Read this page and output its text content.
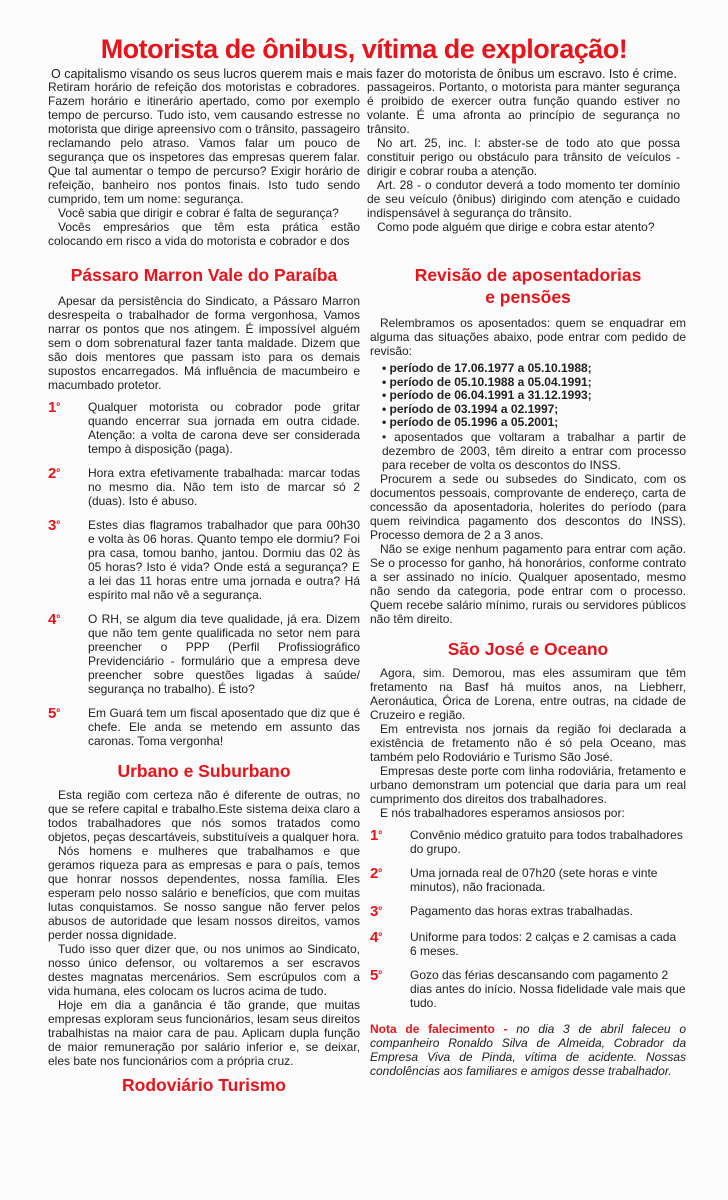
Motorista de ônibus, vítima de exploração!
O capitalismo visando os seus lucros querem mais e mais fazer do motorista de ônibus um escravo. Isto é crime.

Retiram horário de refeição dos motoristas e cobradores. Fazem horário e itinerário apertado, como por exemplo tempo de percurso. Tudo isto, vem causando estresse no motorista que dirige apreensivo com o trânsito, passageiro reclamando pelo atraso. Vamos falar um pouco de segurança que os inspetores das empresas querem falar. Que tal aumentar o tempo de percurso? Exigir horário de refeição, banheiro nos pontos finais. Isto tudo sendo cumprido, tem um nome: segurança.

Você sabia que dirigir e cobrar é falta de segurança?

Vocês empresários que têm esta prática estão colocando em risco a vida do motorista e cobrador e dos

passageiros. Portanto, o motorista para manter segurança é proibido de exercer outra função quando estiver no volante. É uma afronta ao princípio de segurança no trânsito.

No art. 25, inc. I: abster-se de todo ato que possa constituir perigo ou obstáculo para trânsito de veículos - dirigir e cobrar rouba a atenção.

Art. 28 - o condutor deverá a todo momento ter domínio de seu veículo (ônibus) dirigindo com atenção e cuidado indispensável à segurança do trânsito.

Como pode alguém que dirige e cobra estar atento?

Pássaro Marron Vale do Paraíba

Apesar da persistência do Sindicato, a Pássaro Marron desrespeita o trabalhador de forma vergonhosa, Vamos narrar os pontos que nos atingem. É impossível alguém sem o dom sobrenatural fazer tanta maldade. Dizem que são dois mentores que passam isto para os demais supostos encarregados. Má influência de macumbeiro e macumbado protetor.

$1^º$	Qualquer motorista ou cobrador pode gritar quando encerrar sua jornada em outra cidade. Atenção: a volta de carona deve ser considerada tempo à disposição (paga).
$2^º$	Hora extra efetivamente trabalhada: marcar todas no mesmo dia. Não tem isto de marcar só 2 (duas). Isto é abuso.
$3^º$	Estes dias flagramos trabalhador que para 00h30 e volta às 06 horas. Quanto tempo ele dormiu? Foi pra casa, tomou banho, jantou. Dormiu das 02 às 05 horas? Isto é vida? Onde está a segurança? E a lei das 11 horas entre uma jornada e outra? Há espírito mal não vê a segurança.
$4^º$	O RH, se algum dia teve qualidade, já era. Dizem que não tem gente qualificada no setor nem para preencher o PPP (Perfil Profissiográfico Previdenciário - formulário que a empresa deve preencher sobre questões ligadas à saúde/ segurança no trabalho). É isto?
$5^º$	Em Guará tem um fiscal aposentado que diz que é chefe. Ele anda se metendo em assunto das caronas. Toma vergonha!
Urbano e Suburbano

Esta região com certeza não é diferente de outras, no que se refere capital e trabalho.Este sistema deixa claro a todos trabalhadores que nós somos tratados como objetos, peças descartáveis, substituíveis a qualquer hora.

Nós homens e mulheres que trabalhamos e que geramos riqueza para as empresas e para o país, temos que honrar nossos dependentes, nossa família. Eles esperam pelo nosso salário e benefícios, que com muitas lutas conquistamos. Se nosso sangue não ferver pelos abusos de autoridade que lesam nossos direitos, vamos perder nossa dignidade.

Tudo isso quer dizer que, ou nos unimos ao Sindicato, nosso único defensor, ou voltaremos a ser escravos destes magnatas mercenários. Sem escrúpulos com a vida humana, eles colocam os lucros acima de tudo.

Hoje em dia a ganância é tão grande, que muitas empresas exploram seus funcionários, lesam seus direitos trabalhistas na maior cara de pau. Aplicam dupla função de maior remuneração por salário inferior e, se deixar, eles bate nos funcionários com a própria cruz.

Rodoviário Turismo
Revisão de aposentadorias
e pensões

Relembramos os aposentados: quem se enquadrar em alguma das situações abaixo, pode entrar com pedido de revisão:

• período de 17.06.1977 a 05.10.1988;
• período de 05.10.1988 a 05.04.1991;
• período de 06.04.1991 a 31.12.1993;
• período de 03.1994 a 02.1997;
• período de 05.1996 a 05.2001;

• aposentados que voltaram a trabalhar a partir de dezembro de 2003, têm direito a entrar com processo para receber de volta os descontos do INSS.

Procurem a sede ou subsedes do Sindicato, com os documentos pessoais, comprovante de endereço, carta de concessão da aposentadoria, holerites do período (para quem reivindica pagamento dos descontos do INSS). Processo demora de 2 a 3 anos.

Não se exige nenhum pagamento para entrar com ação. Se o processo for ganho, há honorários, conforme contrato a ser assinado no início. Qualquer aposentado, mesmo não sendo da categoria, pode entrar com o processo. Quem recebe salário mínimo, rurais ou servidores públicos não têm direito.

São José e Oceano

Agora, sim. Demorou, mas eles assumiram que têm fretamento na Basf há muitos anos, na Liebherr, Aeronáutica, Órica de Lorena, entre outras, na cidade de Cruzeiro e região.

Em entrevista nos jornais da região foi declarada a existência de fretamento não é só pela Oceano, mas também pelo Rodoviário e Turismo São José.

Empresas deste porte com linha rodoviária, fretamento e urbano demonstram um potencial que daria para um real cumprimento dos direitos dos trabalhadores.

E nós trabalhadores esperamos ansiosos por:

$1^º$	Convênio médico gratuito para todos trabalhadores do grupo.
$2^º$	Uma jornada real de 07h20 (sete horas e vinte minutos), não fracionada.
$3^º$	Pagamento das horas extras trabalhadas.
$4^º$	Uniforme para todos: 2 calças e 2 camisas a cada 6 meses.
$5^º$	Gozo das férias descansando com pagamento 2 dias antes do início. Nossa fidelidade vale mais que tudo.
Nota de falecimento - no dia 3 de abril faleceu o companheiro Ronaldo Silva de Almeida, Cobrador da Empresa Viva de Pinda, vítima de acidente. Nossas condolências aos familiares e amigos desse trabalhador.
